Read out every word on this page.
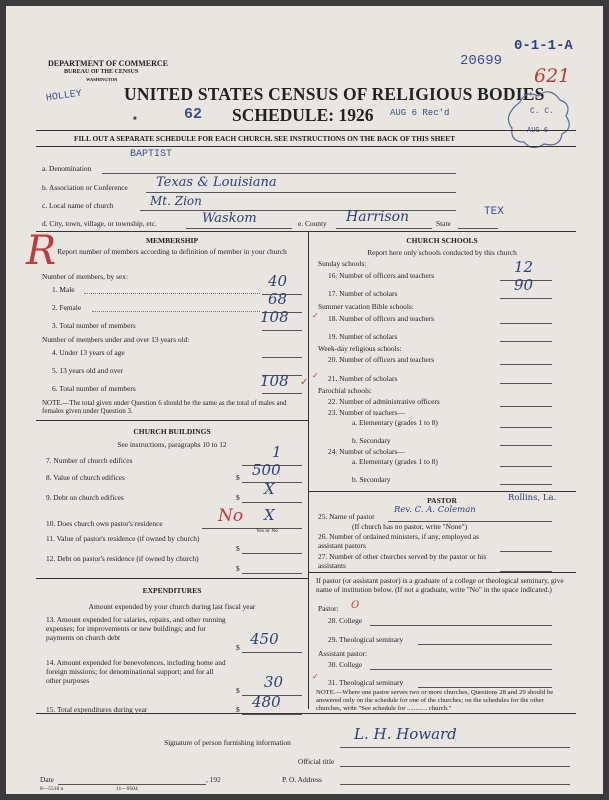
DEPARTMENT OF COMMERCE
BUREAU OF THE CENSUS
WASHINGTON
20699
0-1-1-A
621
HOLLEY UNITED STATES CENSUS OF RELIGIOUS BODIES
■	62 SCHEDULE: 1926 AUG 6 Rec'd	C. C.
AUG 6
FILL OUT A SEPARATE SCHEDULE FOR EACH CHURCH. SEE INSTRUCTIONS ON THE BACK OF THIS SHEET
BAPTIST
a. Denomination
b. Association or Conference Texas & Louisiana
c. Local name of church	Mt. Zion
d. City, town, village, or township, etc.	Waskom	e. County Harrison	State
TEX
R	MEMBERSHIP
Report number of members according to definition of member in your church
Number of members, by sex:
1. Male	40
2. Female	68
3. Total number of members	108
Number of members under and over 13 years old:
4. Under 13 years of age
5. 13 years old and over
6. Total number of members	108 ✓
NOTE.—The total given under Question 6 should be the same as the total of males and females given under Question 3.
CHURCH BUILDINGS
See instructions, paragraphs 10 to 12
7. Number of church edifices	1
8. Value of church edifices	$ 500
9. Debt on church edifices	$ X
10. Does church own pastor's residence	No X
Yes or No
11. Value of pastor's residence (if owned by church)
$
12. Debt on pastor's residence (if owned by church)
$
EXPENDITURES
Amount expended by your church during last fiscal year
13. Amount expended for salaries, repairs, and other running expenses; for improvements or new buildings; and for payments on church debt
$ 450
14. Amount expended for benevolences, including home and foreign missions; for denominational support; and for all other purposes
$ 30
15. Total expenditures during year	$ 480
CHURCH SCHOOLS
Report here only schools conducted by this church
Sunday schools:
16. Number of officers and teachers	12
17. Number of scholars	90
Summer vacation Bible schools:
✓ 18. Number of officers and teachers
19. Number of scholars
Week-day religious schools:
20. Number of officers and teachers
✓ 21. Number of scholars
Parochial schools:
22. Number of administrative officers
23. Number of teachers—
a. Elementary (grades 1 to 8)
b. Secondary
24. Number of scholars—
a. Elementary (grades 1 to 8)
b. Secondary
PASTOR	Rollins, La.
25. Name of pastor
Rev. C. A. Coleman
(If church has no pastor, write "None")
26. Number of ordained ministers, if any, employed as assistant pastors
27. Number of other churches served by the pastor or his assistants
If pastor (or assistant pastor) is a graduate of a college or theological seminary, give name of institution below. (If not a graduate, write "No" in the space indicated.)
Pastor: O
28. College
29. Theological seminary
Assistant pastor:
30. College
✓
31. Theological seminary
NOTE.—Where one pastor serves two or more churches, Questions 28 and 29 should be answered only on the schedule for one of the churches; on the schedules for the other churches, write "See schedule for ............ church."
Signature of person furnishing information	L. H. Howard
Official title
Date	, 192	P. O. Address
8—5518 a	11—9504
